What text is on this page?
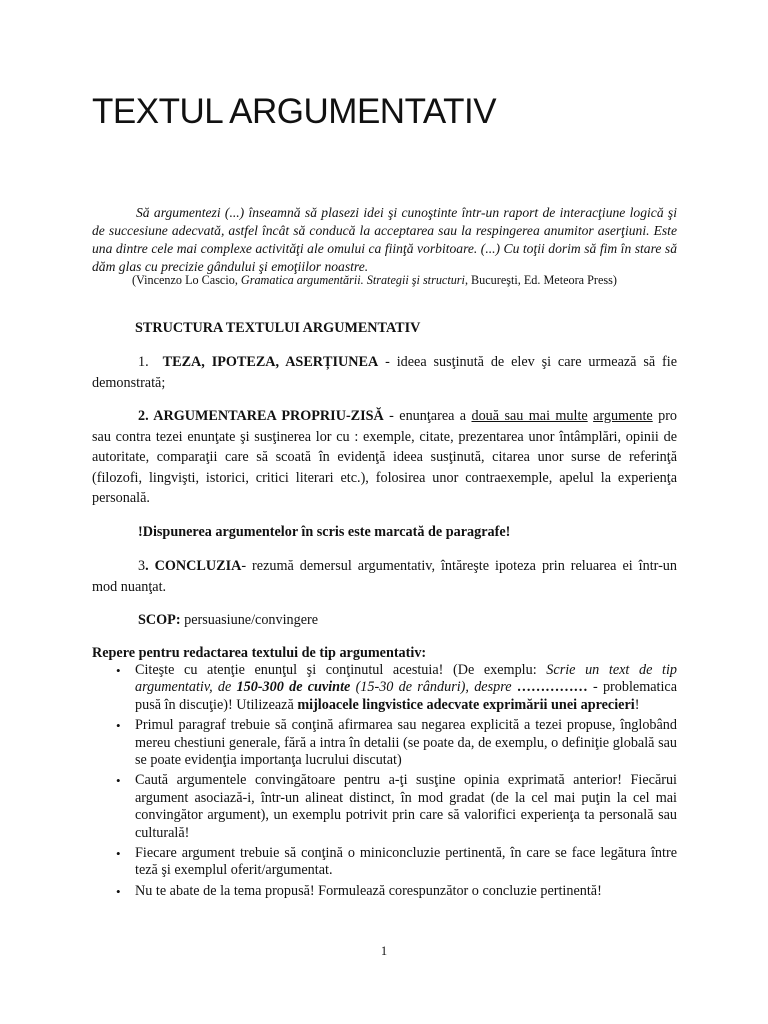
TEXTUL ARGUMENTATIV

Să argumentezi (...) înseamnă să plasezi idei şi cunoştinte într-un raport de interacţiune logică şi de succesiune adecvată, astfel încât să conducă la acceptarea sau la respingerea anumitor aserţiuni. Este una dintre cele mai complexe activităţi ale omului ca fiinţă vorbitoare. (...) Cu toţii dorim să fim în stare să dăm glas cu precizie gândului şi emoţiilor noastre.

(Vincenzo Lo Cascio, Gramatica argumentării. Strategii şi structuri, Bucureşti, Ed. Meteora Press)
STRUCTURA TEXTULUI ARGUMENTATIV

1. TEZA, IPOTEZA, ASERȚIUNEA - ideea susţinută de elev şi care urmează să fie demonstrată;

2. ARGUMENTAREA PROPRIU-ZISĂ - enunţarea a două sau mai multe argumente pro sau contra tezei enunţate şi susţinerea lor cu : exemple, citate, prezentarea unor întâmplări, opinii de autoritate, comparaţii care să scoată în evidenţă ideea susţinută, citarea unor surse de referinţă (filozofi, lingvişti, istorici, critici literari etc.), folosirea unor contraexemple, apelul la experienţa personală.

!Dispunerea argumentelor în scris este marcată de paragrafe!

3. CONCLUZIA- rezumă demersul argumentativ, întăreşte ipoteza prin reluarea ei într-un mod nuanţat.

SCOP: persuasiune/convingere

Repere pentru redactarea textului de tip argumentativ:
• Citeşte cu atenţie enunţul şi conţinutul acestuia! (De exemplu: Scrie un text de tip argumentativ, de 150-300 de cuvinte (15-30 de rânduri), despre …………… - problematica pusă în discuţie)! Utilizează mijloacele lingvistice adecvate exprimării unei aprecieri!
• Primul paragraf trebuie să conţină afirmarea sau negarea explicită a tezei propuse, înglobând mereu chestiuni generale, fără a intra în detalii (se poate da, de exemplu, o definiţie globală sau se poate evidenţia importanţa lucrului discutat)
• Caută argumentele convingătoare pentru a-ţi susţine opinia exprimată anterior! Fiecărui argument asociază-i, într-un alineat distinct, în mod gradat (de la cel mai puţin la cel mai convingător argument), un exemplu potrivit prin care să valorifici experienţa ta personală sau culturală!
• Fiecare argument trebuie să conţină o miniconcluzie pertinentă, în care se face legătura între teză şi exemplul oferit/argumentat.
• Nu te abate de la tema propusă! Formulează corespunzător o concluzie pertinentă!
1
